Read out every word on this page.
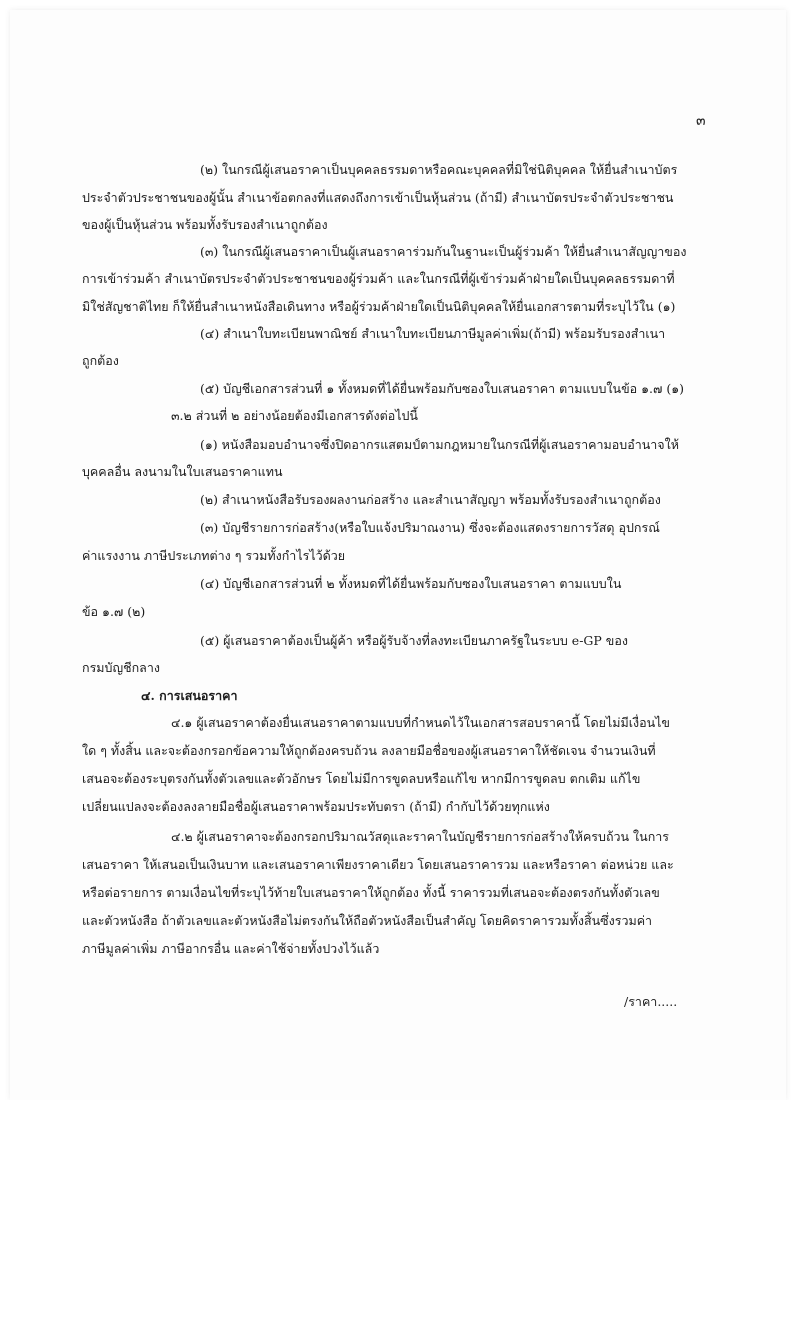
๓
(๒) ในกรณีผู้เสนอราคาเป็นบุคคลธรรมดาหรือคณะบุคคลที่มิใช่นิติบุคคล ให้ยื่นสำเนาบัตร
ประจำตัวประชาชนของผู้นั้น สำเนาข้อตกลงที่แสดงถึงการเข้าเป็นหุ้นส่วน (ถ้ามี) สำเนาบัตรประจำตัวประชาชน
ของผู้เป็นหุ้นส่วน พร้อมทั้งรับรองสำเนาถูกต้อง
(๓) ในกรณีผู้เสนอราคาเป็นผู้เสนอราคาร่วมกันในฐานะเป็นผู้ร่วมค้า ให้ยื่นสำเนาสัญญาของ
การเข้าร่วมค้า สำเนาบัตรประจำตัวประชาชนของผู้ร่วมค้า และในกรณีที่ผู้เข้าร่วมค้าฝ่ายใดเป็นบุคคลธรรมดาที่
มิใช่สัญชาติไทย ก็ให้ยื่นสำเนาหนังสือเดินทาง หรือผู้ร่วมค้าฝ่ายใดเป็นนิติบุคคลให้ยื่นเอกสารตามที่ระบุไว้ใน (๑)
(๔) สำเนาใบทะเบียนพาณิชย์ สำเนาใบทะเบียนภาษีมูลค่าเพิ่ม(ถ้ามี) พร้อมรับรองสำเนา
ถูกต้อง
(๕) บัญชีเอกสารส่วนที่ ๑ ทั้งหมดที่ได้ยื่นพร้อมกับซองใบเสนอราคา ตามแบบในข้อ ๑.๗ (๑)
๓.๒ ส่วนที่ ๒ อย่างน้อยต้องมีเอกสารดังต่อไปนี้
(๑) หนังสือมอบอำนาจซึ่งปิดอากรแสตมป์ตามกฎหมายในกรณีที่ผู้เสนอราคามอบอำนาจให้
บุคคลอื่น ลงนามในใบเสนอราคาแทน
(๒) สำเนาหนังสือรับรองผลงานก่อสร้าง และสำเนาสัญญา พร้อมทั้งรับรองสำเนาถูกต้อง
(๓) บัญชีรายการก่อสร้าง(หรือใบแจ้งปริมาณงาน) ซึ่งจะต้องแสดงรายการวัสดุ อุปกรณ์
ค่าแรงงาน ภาษีประเภทต่าง ๆ รวมทั้งกำไรไว้ด้วย
(๔) บัญชีเอกสารส่วนที่ ๒ ทั้งหมดที่ได้ยื่นพร้อมกับซองใบเสนอราคา ตามแบบใน
ข้อ ๑.๗ (๒)
(๕) ผู้เสนอราคาต้องเป็นผู้ค้า หรือผู้รับจ้างที่ลงทะเบียนภาครัฐในระบบ e-GP ของ
กรมบัญชีกลาง
๔. การเสนอราคา
๔.๑ ผู้เสนอราคาต้องยื่นเสนอราคาตามแบบที่กำหนดไว้ในเอกสารสอบราคานี้ โดยไม่มีเงื่อนไข
ใด ๆ ทั้งสิ้น และจะต้องกรอกข้อความให้ถูกต้องครบถ้วน ลงลายมือชื่อของผู้เสนอราคาให้ชัดเจน จำนวนเงินที่
เสนอจะต้องระบุตรงกันทั้งตัวเลขและตัวอักษร โดยไม่มีการขูดลบหรือแก้ไข หากมีการขูดลบ ตกเติม แก้ไข
เปลี่ยนแปลงจะต้องลงลายมือชื่อผู้เสนอราคาพร้อมประทับตรา (ถ้ามี) กำกับไว้ด้วยทุกแห่ง
๔.๒ ผู้เสนอราคาจะต้องกรอกปริมาณวัสดุและราคาในบัญชีรายการก่อสร้างให้ครบถ้วน ในการ
เสนอราคา ให้เสนอเป็นเงินบาท และเสนอราคาเพียงราคาเดียว โดยเสนอราคารวม และหรือราคา ต่อหน่วย และ
หรือต่อรายการ ตามเงื่อนไขที่ระบุไว้ท้ายใบเสนอราคาให้ถูกต้อง ทั้งนี้ ราคารวมที่เสนอจะต้องตรงกันทั้งตัวเลข
และตัวหนังสือ ถ้าตัวเลขและตัวหนังสือไม่ตรงกันให้ถือตัวหนังสือเป็นสำคัญ โดยคิดราคารวมทั้งสิ้นซึ่งรวมค่า
ภาษีมูลค่าเพิ่ม ภาษีอากรอื่น และค่าใช้จ่ายทั้งปวงไว้แล้ว
/ราคา.....
